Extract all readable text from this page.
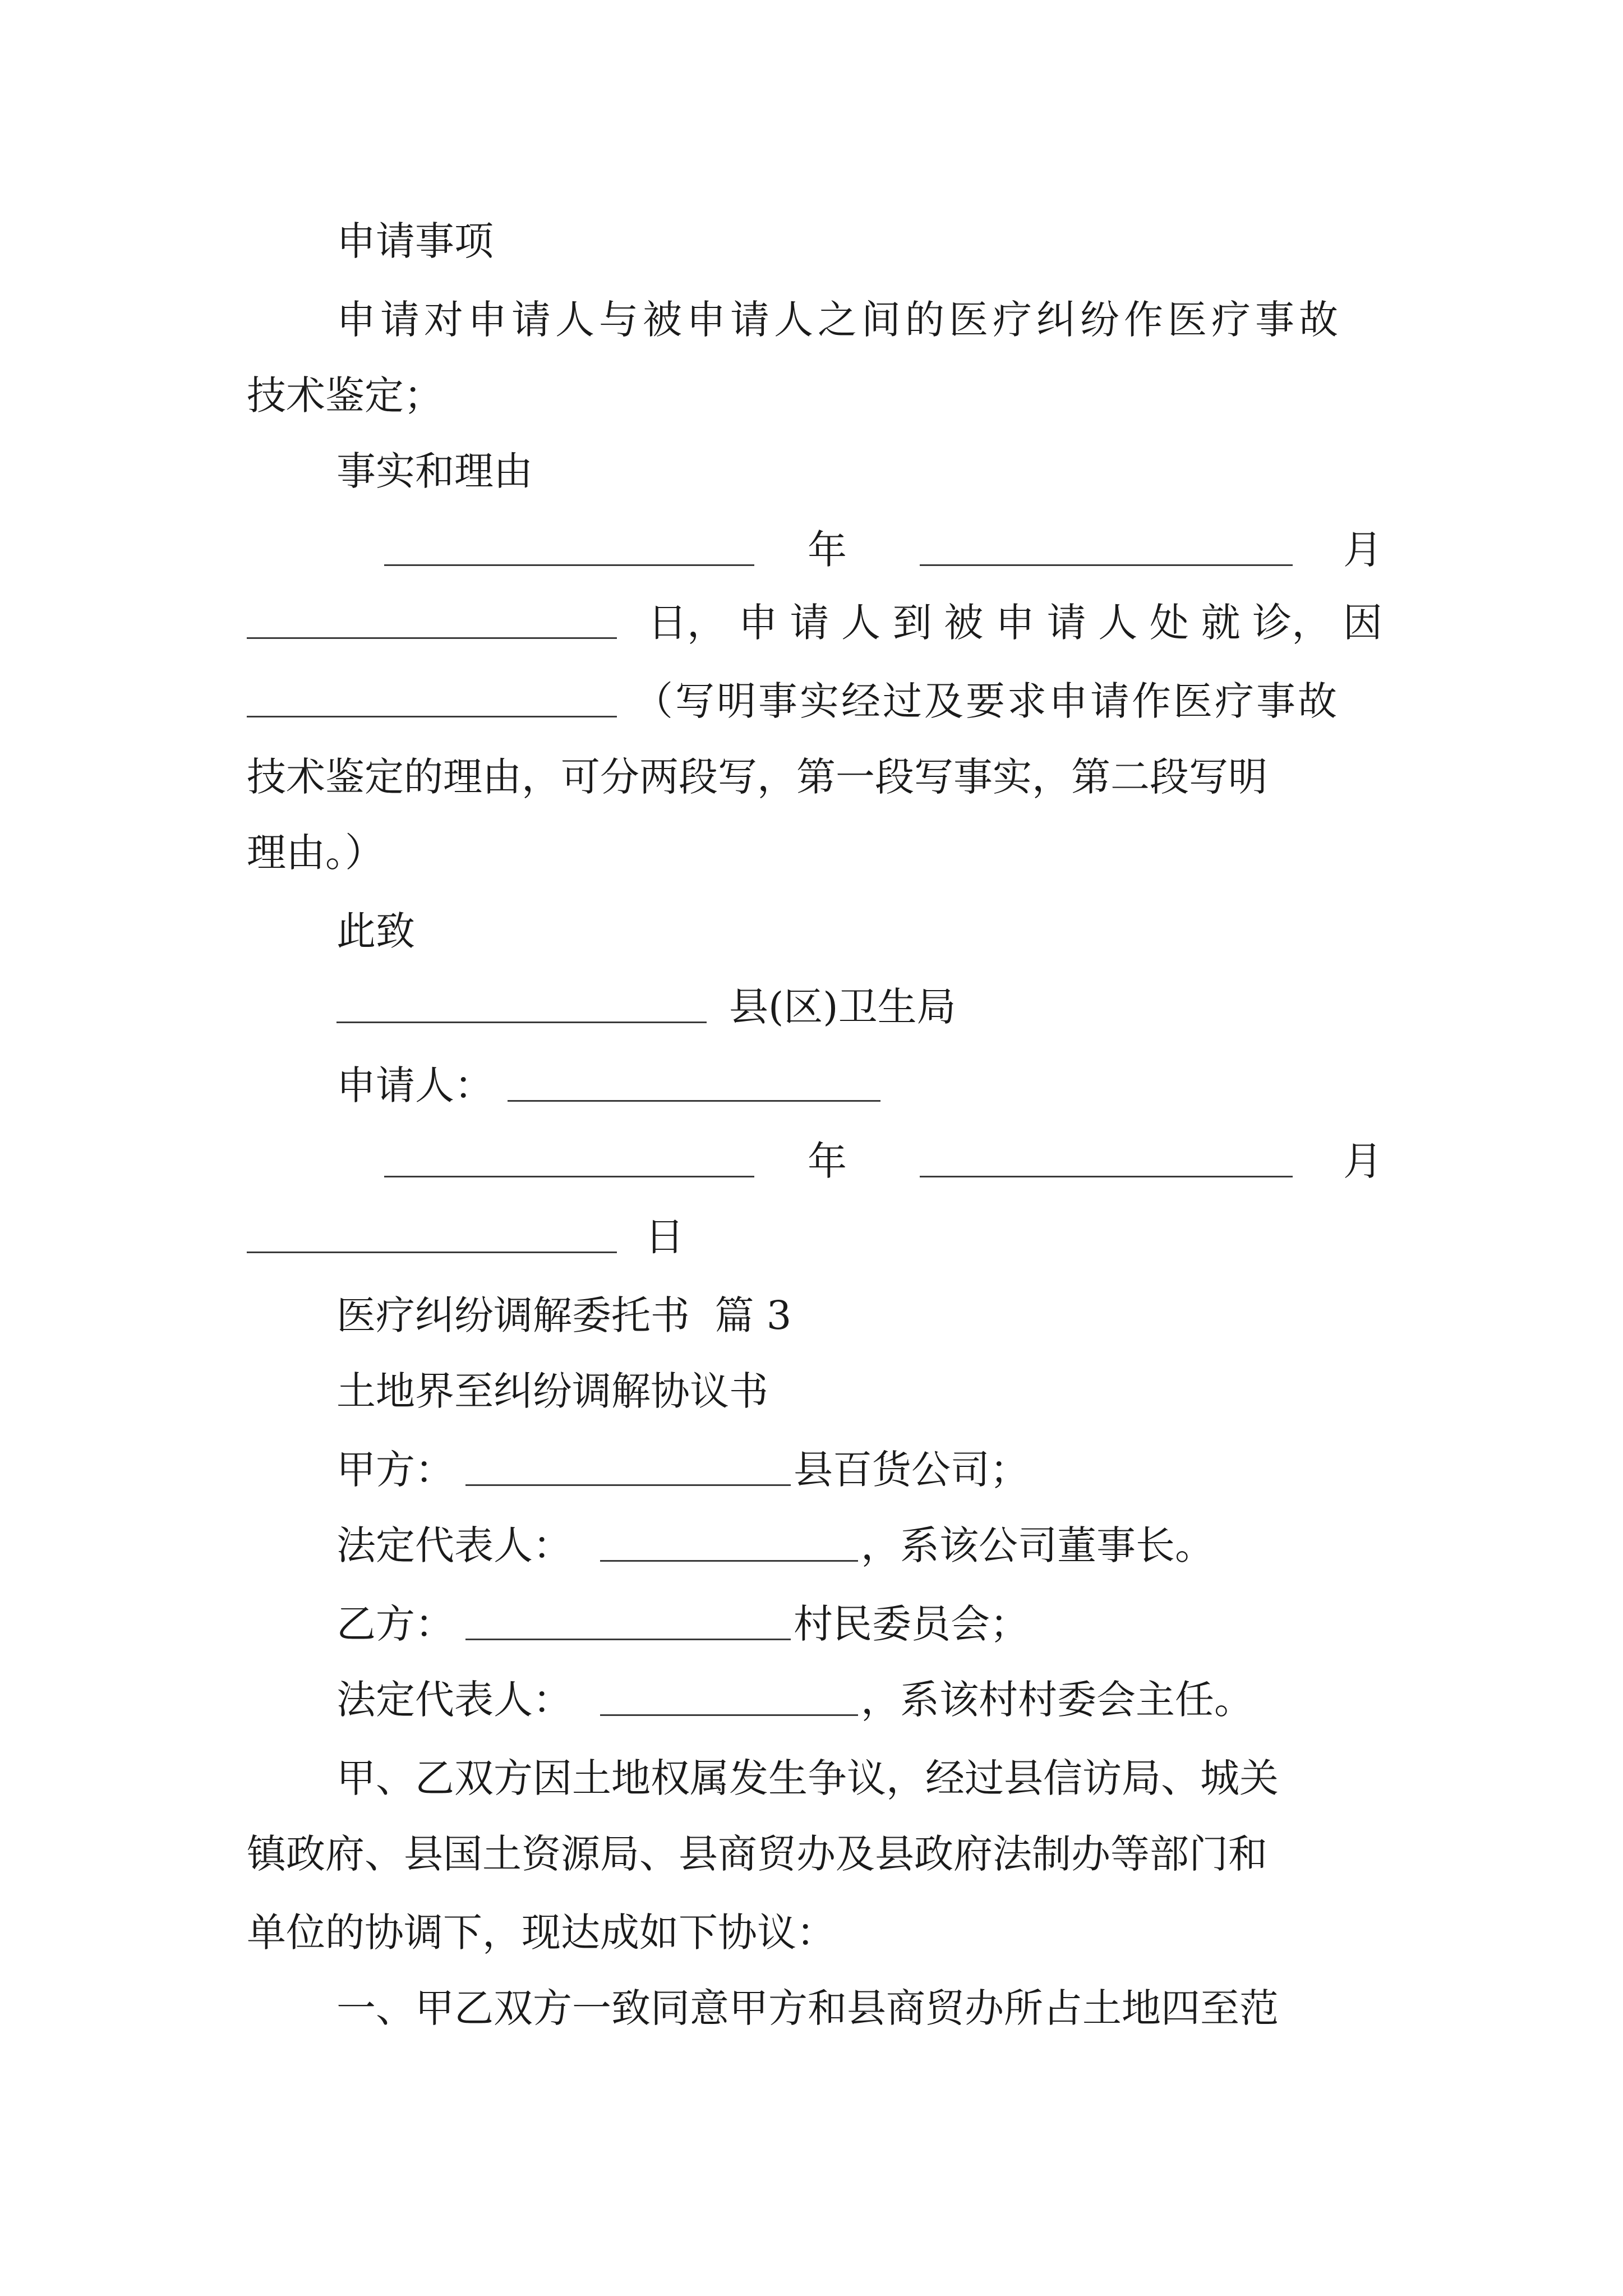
申请事项
申请对申请人与被申请人之间的医疗纠纷作医疗事故
技术鉴定；
事实和理由
年	月
日， 申 请 人 到 被 申 请 人 处 就 诊， 因
（写明事实经过及要求申请作医疗事故
技术鉴定的理由，可分两段写，第一段写事实，第二段写明
理由。）
此致
县(区)卫生局
申请人：
年	月
日
医疗纠纷调解委托书  篇 3
土地界至纠纷调解协议书
甲方：	县百货公司；
法定代表人：	，系该公司董事长。
乙方：	村民委员会；
法定代表人：	，系该村村委会主任。
甲、乙双方因土地权属发生争议，经过县信访局、城关
镇政府、县国土资源局、县商贸办及县政府法制办等部门和
单位的协调下，现达成如下协议：
一、甲乙双方一致同意甲方和县商贸办所占土地四至范
